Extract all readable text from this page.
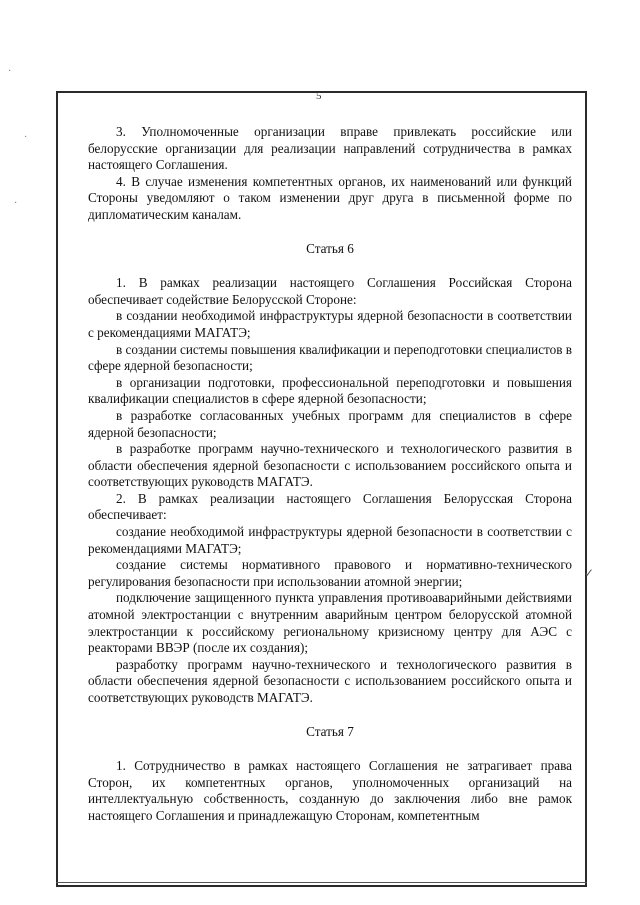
5
·
·
·
✓

3. Уполномоченные организации вправе привлекать российские или белорусские организации для реализации направлений сотрудничества в рамках настоящего Соглашения.

4. В случае изменения компетентных органов, их наименований или функций Стороны уведомляют о таком изменении друг друга в письменной форме по дипломатическим каналам.

Статья 6

1. В рамках реализации настоящего Соглашения Российская Сторона обеспечивает содействие Белорусской Стороне:

в создании необходимой инфраструктуры ядерной безопасности в соответствии с рекомендациями МАГАТЭ;

в создании системы повышения квалификации и переподготовки специалистов в сфере ядерной безопасности;

в организации подготовки, профессиональной переподготовки и повышения квалификации специалистов в сфере ядерной безопасности;

в разработке согласованных учебных программ для специалистов в сфере ядерной безопасности;

в разработке программ научно-технического и технологического развития в области обеспечения ядерной безопасности с использованием российского опыта и соответствующих руководств МАГАТЭ.

2. В рамках реализации настоящего Соглашения Белорусская Сторона обеспечивает:

создание необходимой инфраструктуры ядерной безопасности в соответствии с рекомендациями МАГАТЭ;

создание системы нормативного правового и нормативно-технического регулирования безопасности при использовании атомной энергии;

подключение защищенного пункта управления противоаварийными действиями атомной электростанции с внутренним аварийным центром белорусской атомной электростанции к российскому региональному кризисному центру для АЭС с реакторами ВВЭР (после их создания);

разработку программ научно-технического и технологического развития в области обеспечения ядерной безопасности с использованием российского опыта и соответствующих руководств МАГАТЭ.

Статья 7

1. Сотрудничество в рамках настоящего Соглашения не затрагивает права Сторон, их компетентных органов, уполномоченных организаций на интеллектуальную собственность, созданную до заключения либо вне рамок настоящего Соглашения и принадлежащую Сторонам, компетентным
